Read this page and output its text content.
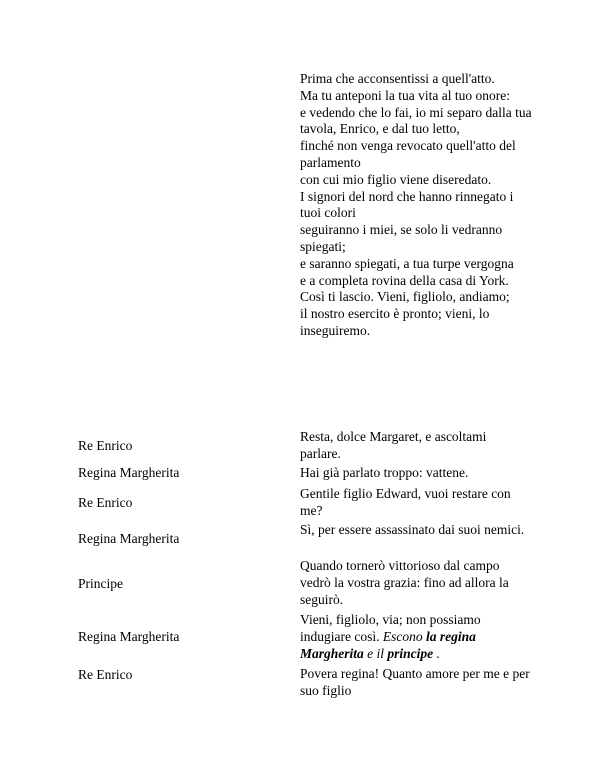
Prima che acconsentissi a quell'atto.
Ma tu anteponi la tua vita al tuo onore:
e vedendo che lo fai, io mi separo dalla tua tavola, Enrico, e dal tuo letto,
finché non venga revocato quell'atto del parlamento
con cui mio figlio viene diseredato.
I signori del nord che hanno rinnegato i tuoi colori
seguiranno i miei, se solo li vedranno spiegati;
e saranno spiegati, a tua turpe vergogna
e a completa rovina della casa di York.
Così ti lascio. Vieni, figliolo, andiamo;
il nostro esercito è pronto; vieni, lo inseguiremo.
Re Enrico
Resta, dolce Margaret, e ascoltami parlare.
Regina Margherita	Hai già parlato troppo: vattene.
Re Enrico
Gentile figlio Edward, vuoi restare con me?
Regina Margherita
Sì, per essere assassinato dai suoi nemici.
Principe
Quando tornerò vittorioso dal campo vedrò la vostra grazia: fino ad allora la seguirò.
Regina Margherita
Vieni, figliolo, via; non possiamo indugiare così. Escono la regina Margherita e il principe .
Re Enrico	Povera regina! Quanto amore per me e per suo figlio
